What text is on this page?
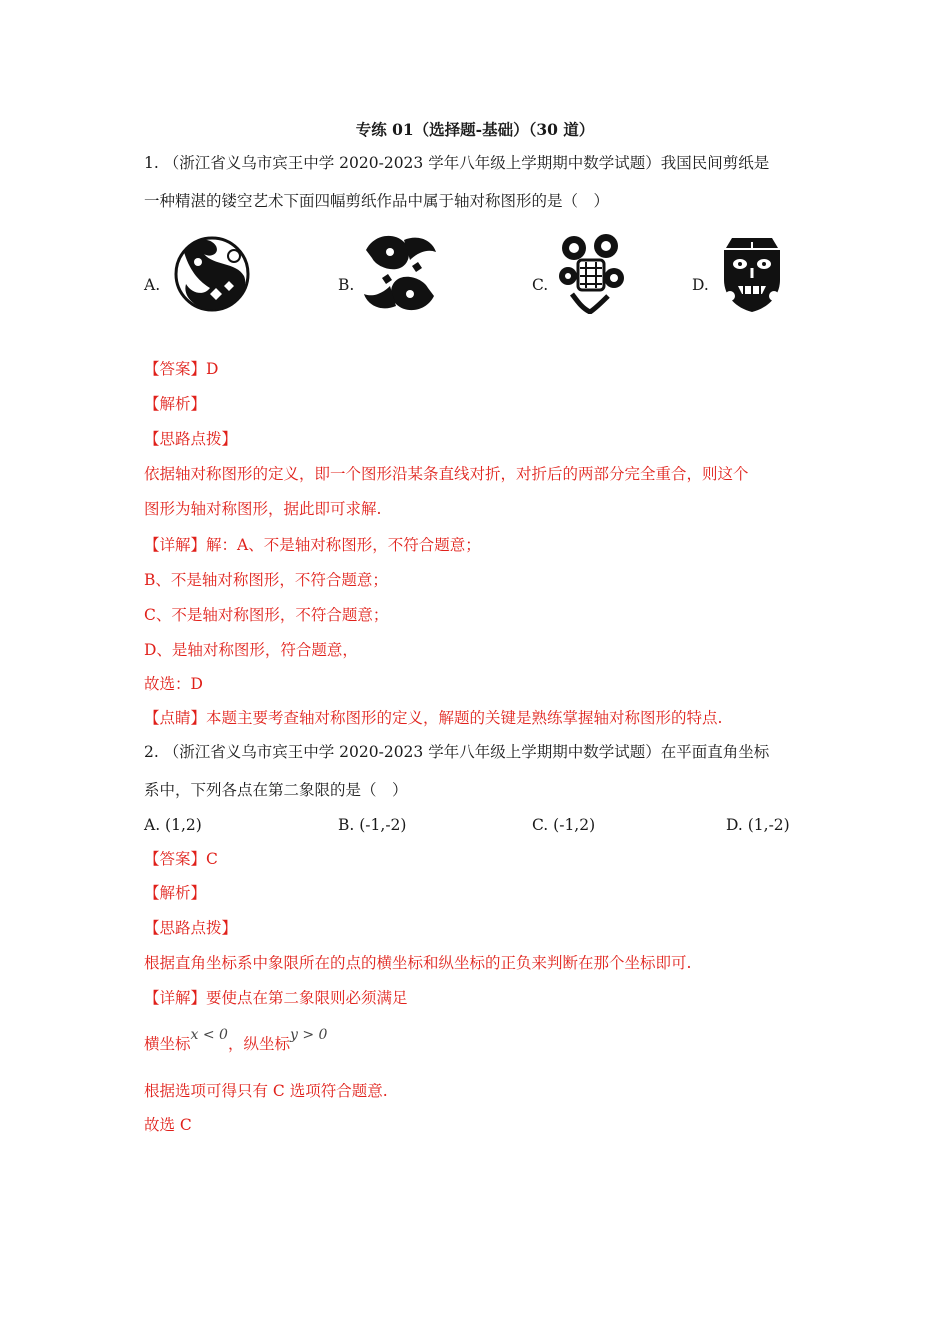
专练 01（选择题-基础）（30 道）
1. （浙江省义乌市宾王中学 2020-2023 学年八年级上学期期中数学试题）我国民间剪纸是
一种精湛的镂空艺术下面四幅剪纸作品中属于轴对称图形的是（　）
A.	B.	C.	D.
【答案】D
【解析】
【思路点拨】
依据轴对称图形的定义，即一个图形沿某条直线对折，对折后的两部分完全重合，则这个
图形为轴对称图形，据此即可求解.
【详解】解：A、不是轴对称图形，不符合题意；
B、不是轴对称图形，不符合题意；
C、不是轴对称图形，不符合题意；
D、是轴对称图形，符合题意，
故选：D
【点睛】本题主要考查轴对称图形的定义，解题的关键是熟练掌握轴对称图形的特点.
2. （浙江省义乌市宾王中学 2020-2023 学年八年级上学期期中数学试题）在平面直角坐标
系中，下列各点在第二象限的是（　）
A. (1,2)	B. (-1,-2)	C. (-1,2)	D. (1,-2)
【答案】C
【解析】
【思路点拨】
根据直角坐标系中象限所在的点的横坐标和纵坐标的正负来判断在那个坐标即可.
【详解】要使点在第二象限则必须满足
横坐标x < 0，纵坐标y > 0
根据选项可得只有 C 选项符合题意.
故选 C
